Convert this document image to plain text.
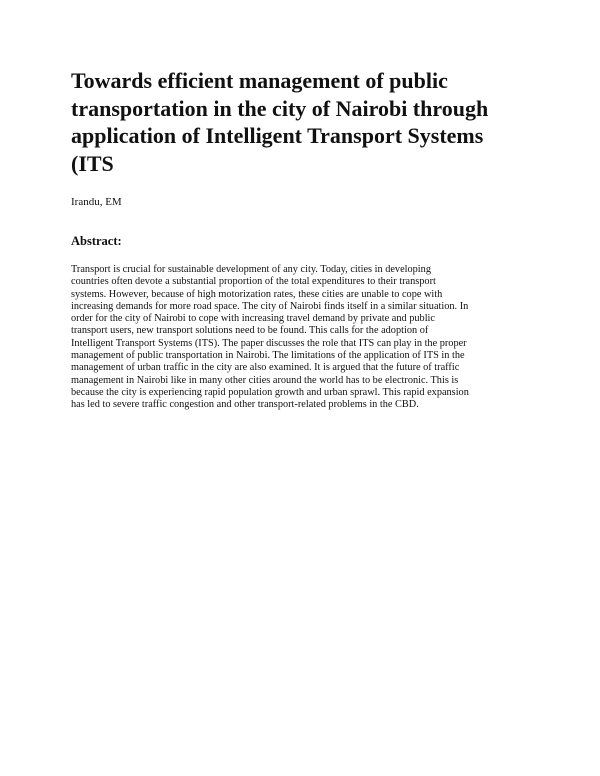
Towards efficient management of public
transportation in the city of Nairobi through
application of Intelligent Transport Systems
(ITS

Irandu, EM

Abstract:

Transport is crucial for sustainable development of any city. Today, cities in developing
countries often devote a substantial proportion of the total expenditures to their transport
systems. However, because of high motorization rates, these cities are unable to cope with
increasing demands for more road space. The city of Nairobi finds itself in a similar situation. In
order for the city of Nairobi to cope with increasing travel demand by private and public
transport users, new transport solutions need to be found. This calls for the adoption of
Intelligent Transport Systems (ITS). The paper discusses the role that ITS can play in the proper
management of public transportation in Nairobi. The limitations of the application of ITS in the
management of urban traffic in the city are also examined. It is argued that the future of traffic
management in Nairobi like in many other cities around the world has to be electronic. This is
because the city is experiencing rapid population growth and urban sprawl. This rapid expansion
has led to severe traffic congestion and other transport-related problems in the CBD.
